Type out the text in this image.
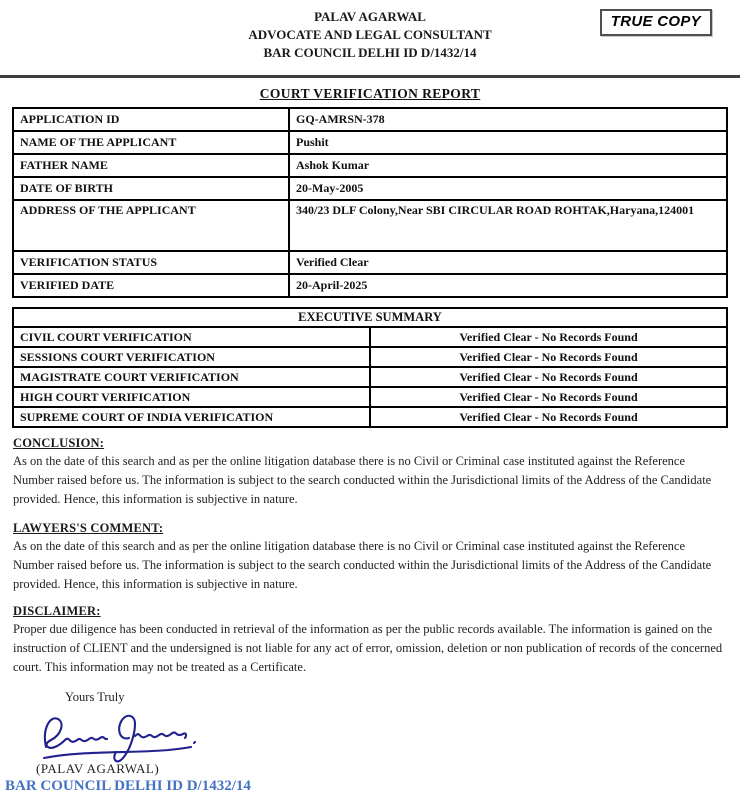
TRUE COPY
PALAV AGARWAL
ADVOCATE AND LEGAL CONSULTANT
BAR COUNCIL DELHI ID D/1432/14
COURT VERIFICATION REPORT
APPLICATION ID	GQ-AMRSN-378
NAME OF THE APPLICANT	Pushit
FATHER NAME	Ashok Kumar
DATE OF BIRTH	20-May-2005
ADDRESS OF THE APPLICANT	340/23 DLF Colony,Near SBI CIRCULAR ROAD ROHTAK,Haryana,124001
VERIFICATION STATUS	Verified Clear
VERIFIED DATE	20-April-2025
EXECUTIVE SUMMARY	
CIVIL COURT VERIFICATION	Verified Clear - No Records Found
SESSIONS COURT VERIFICATION	Verified Clear - No Records Found
MAGISTRATE COURT VERIFICATION	Verified Clear - No Records Found
HIGH COURT VERIFICATION	Verified Clear - No Records Found
SUPREME COURT OF INDIA VERIFICATION	Verified Clear - No Records Found
CONCLUSION:
As on the date of this search and as per the online litigation database there is no Civil or Criminal case instituted against the Reference Number raised before us. The information is subject to the search conducted within the Jurisdictional limits of the Address of the Candidate provided. Hence, this information is subjective in nature.
LAWYERS'S COMMENT:
As on the date of this search and as per the online litigation database there is no Civil or Criminal case instituted against the Reference Number raised before us. The information is subject to the search conducted within the Jurisdictional limits of the Address of the Candidate provided. Hence, this information is subjective in nature.
DISCLAIMER:
Proper due diligence has been conducted in retrieval of the information as per the public records available. The information is gained on the instruction of CLIENT and the undersigned is not liable for any act of error, omission, deletion or non publication of records of the concerned court. This information may not be treated as a Certificate.
Yours Truly
(PALAV AGARWAL)
BAR COUNCIL DELHI ID D/1432/14
